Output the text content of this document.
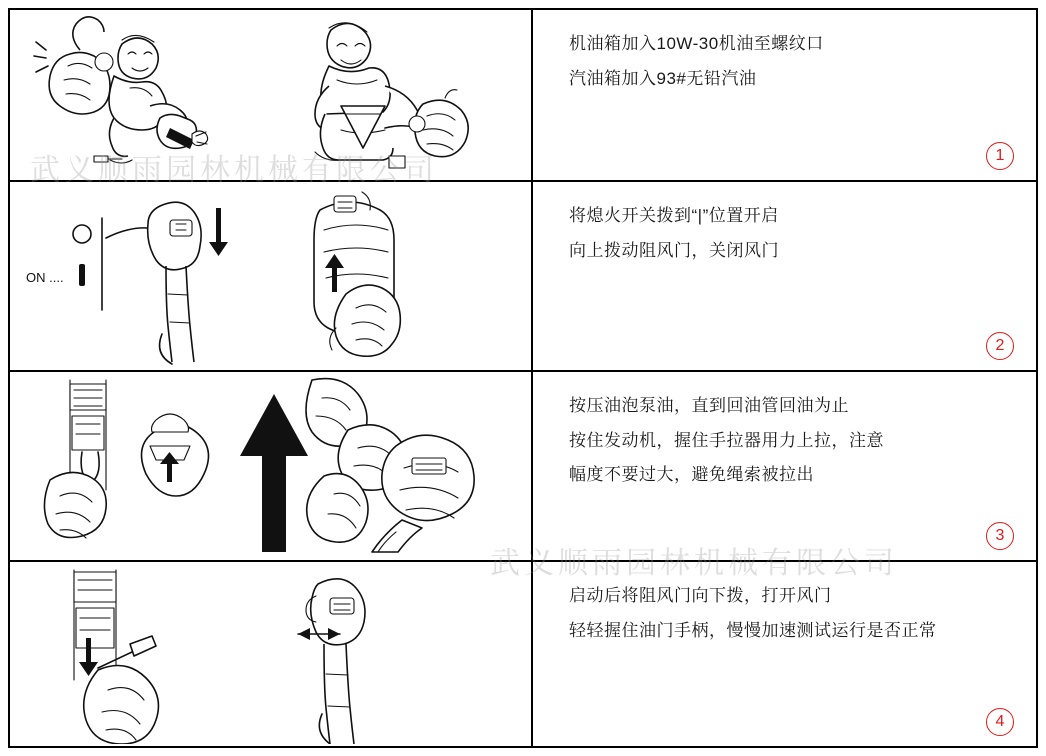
机油箱加入10W-30机油至螺纹口
汽油箱加入93#无铅汽油
1
ON ....
将熄火开关拨到“|”位置开启
向上拨动阻风门，关闭风门
2
按压油泡泵油，直到回油管回油为止
按住发动机，握住手拉器用力上拉，注意
幅度不要过大，避免绳索被拉出
3
启动后将阻风门向下拨，打开风门
轻轻握住油门手柄，慢慢加速测试运行是否正常
4
武义顺雨园林机械有限公司
武义顺雨园林机械有限公司
